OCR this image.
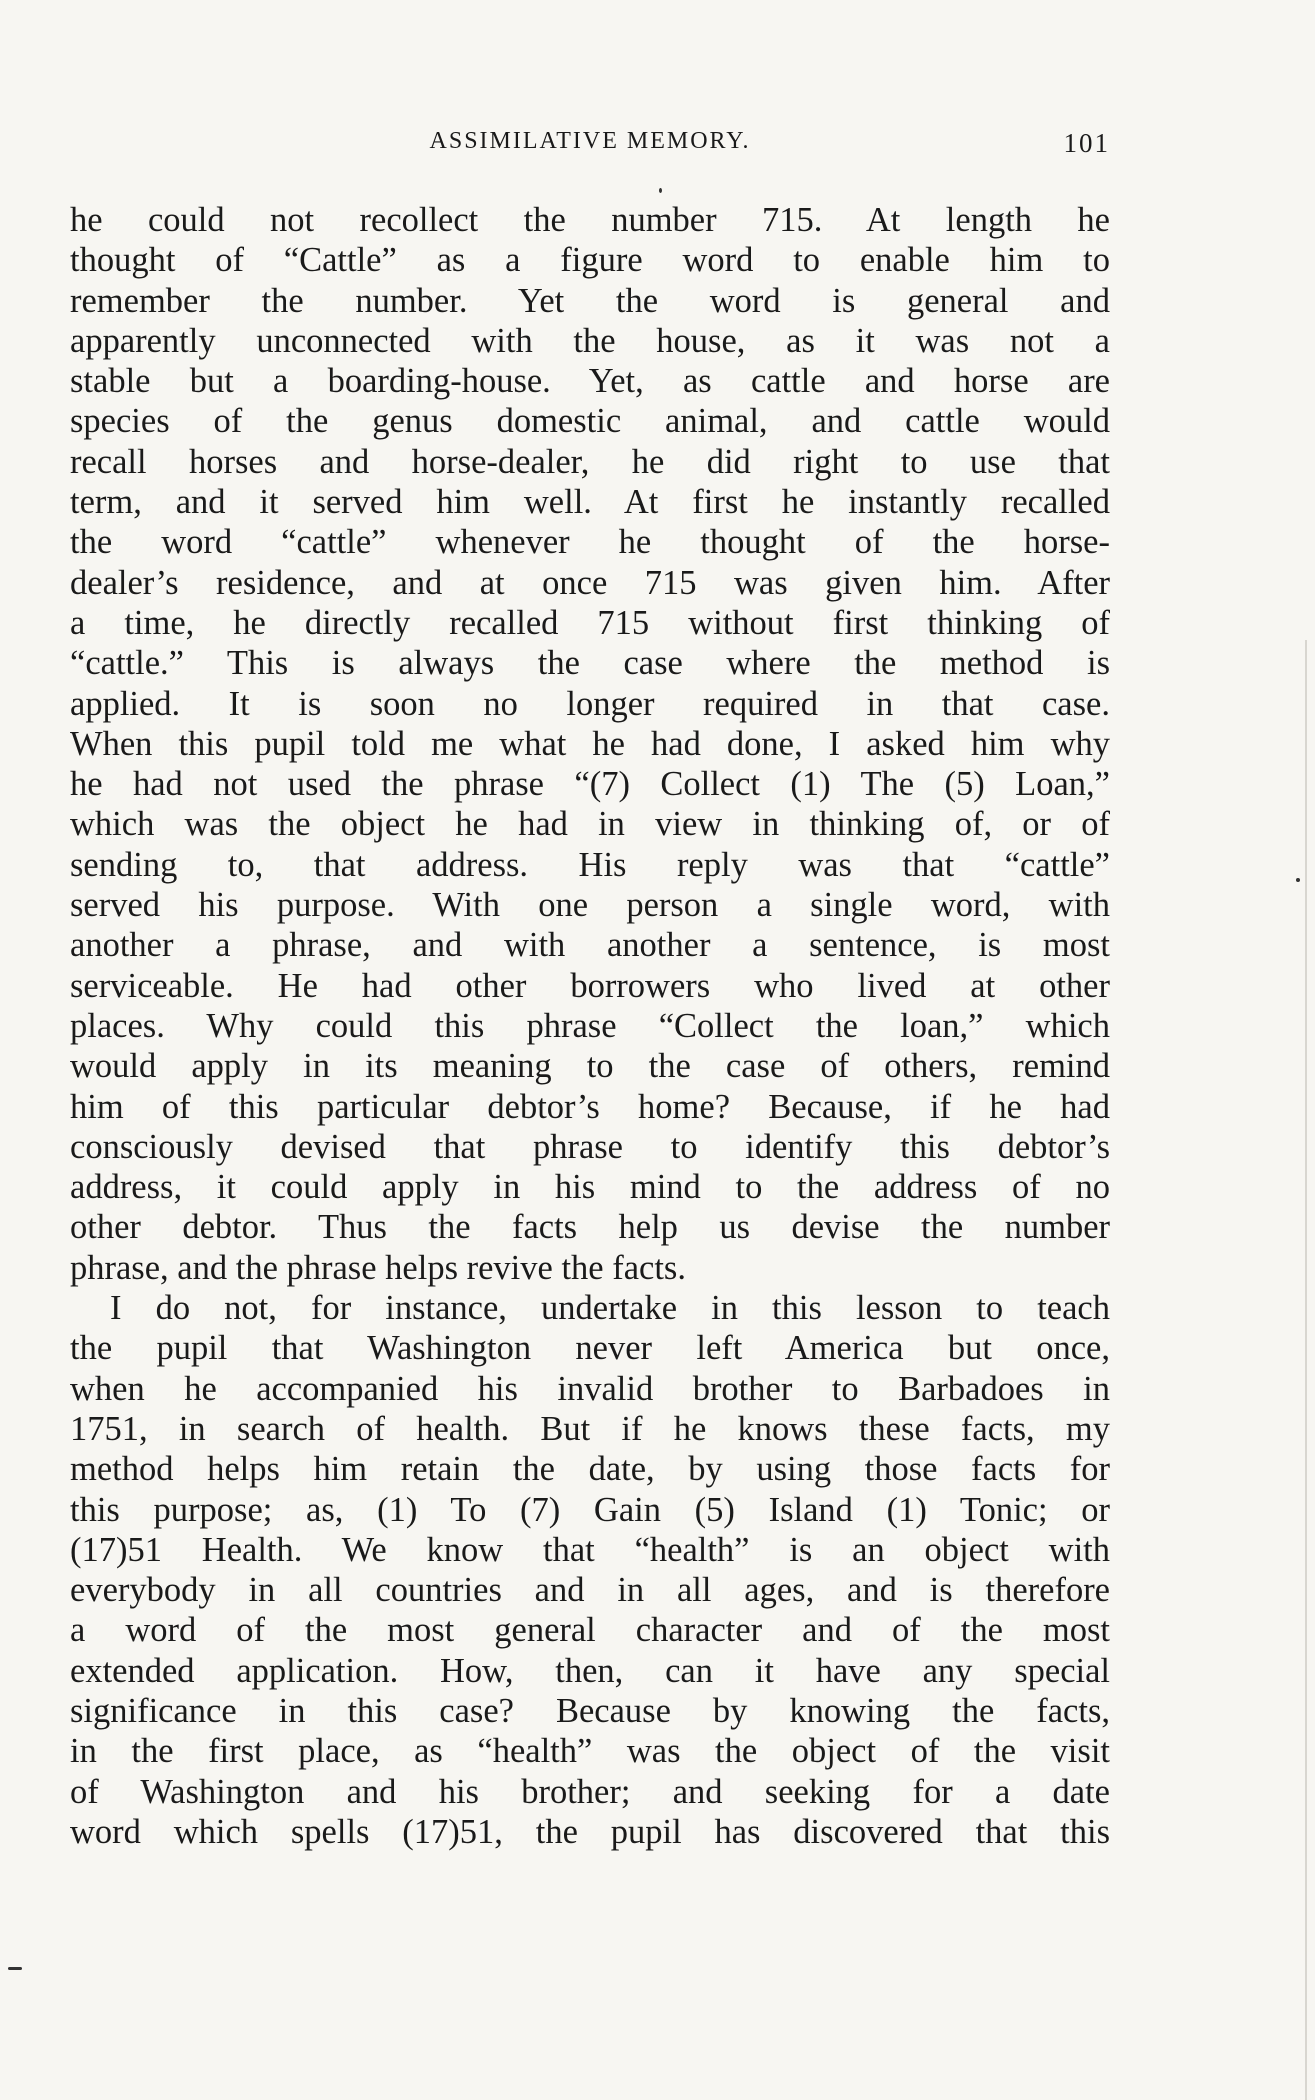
ASSIMILATIVE MEMORY.	101
he could not recollect the number 715. At length he
thought of “Cattle” as a figure word to enable him to
remember the number. Yet the word is general and
apparently unconnected with the house, as it was not a
stable but a boarding-house. Yet, as cattle and horse are
species of the genus domestic animal, and cattle would
recall horses and horse-dealer, he did right to use that
term, and it served him well. At first he instantly recalled
the word “cattle” whenever he thought of the horse-
dealer’s residence, and at once 715 was given him. After
a time, he directly recalled 715 without first thinking of
“cattle.” This is always the case where the method is
applied. It is soon no longer required in that case.
When this pupil told me what he had done, I asked him why
he had not used the phrase “(7) Collect (1) The (5) Loan,”
which was the object he had in view in thinking of, or of
sending to, that address. His reply was that “cattle”
served his purpose. With one person a single word, with
another a phrase, and with another a sentence, is most
serviceable. He had other borrowers who lived at other
places. Why could this phrase “Collect the loan,” which
would apply in its meaning to the case of others, remind
him of this particular debtor’s home? Because, if he had
consciously devised that phrase to identify this debtor’s
address, it could apply in his mind to the address of no
other debtor. Thus the facts help us devise the number
phrase, and the phrase helps revive the facts.
I do not, for instance, undertake in this lesson to teach
the pupil that Washington never left America but once,
when he accompanied his invalid brother to Barbadoes in
1751, in search of health. But if he knows these facts, my
method helps him retain the date, by using those facts for
this purpose; as, (1) To (7) Gain (5) Island (1) Tonic; or
(17)51 Health. We know that “health” is an object with
everybody in all countries and in all ages, and is therefore
a word of the most general character and of the most
extended application. How, then, can it have any special
significance in this case? Because by knowing the facts,
in the first place, as “health” was the object of the visit
of Washington and his brother; and seeking for a date
word which spells (17)51, the pupil has discovered that this
